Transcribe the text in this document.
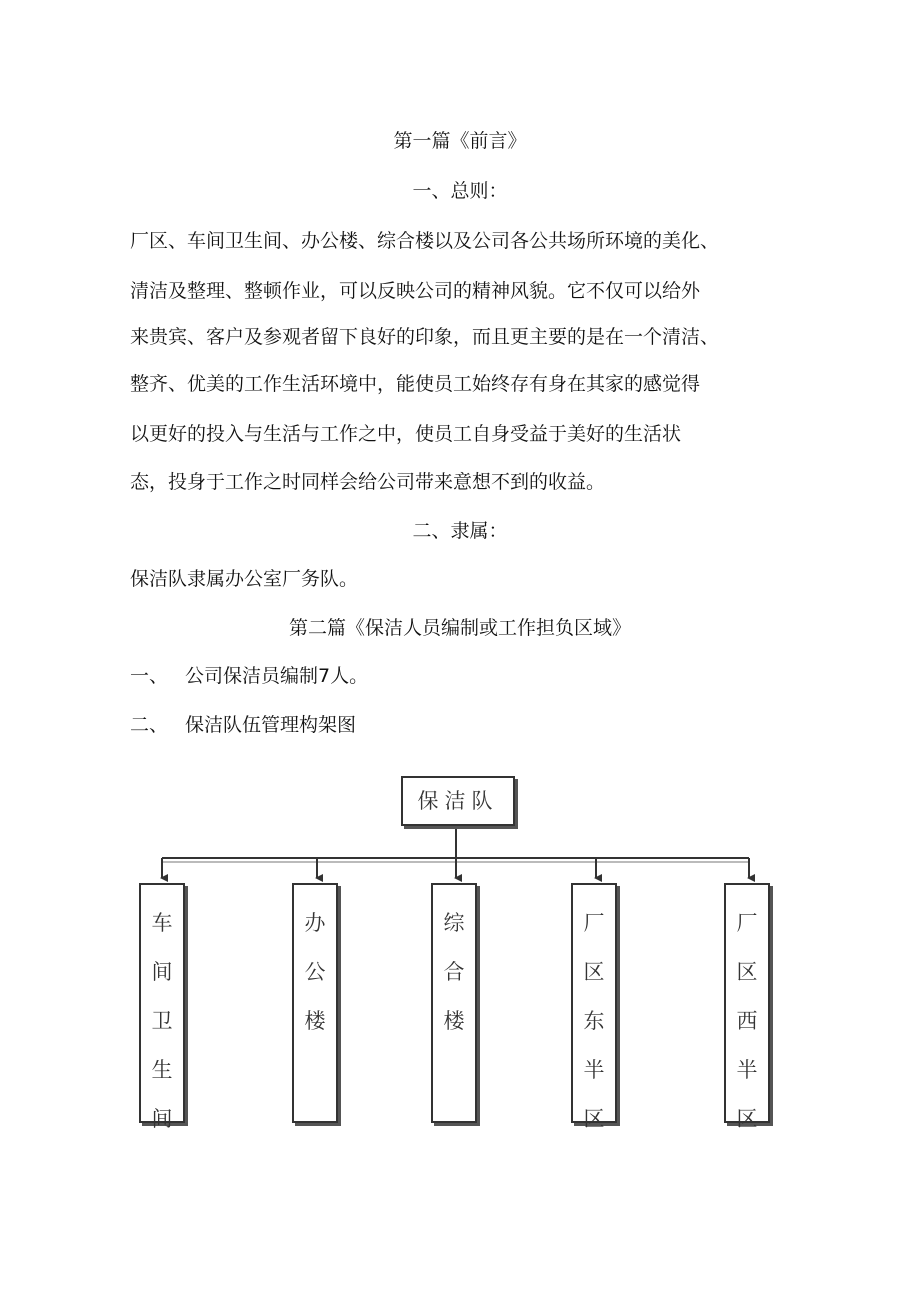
第一篇《前言》
一、总则：
厂区、车间卫生间、办公楼、综合楼以及公司各公共场所环境的美化、
清洁及整理、整顿作业，可以反映公司的精神风貌。它不仅可以给外
来贵宾、客户及参观者留下良好的印象，而且更主要的是在一个清洁、
整齐、优美的工作生活环境中，能使员工始终存有身在其家的感觉得
以更好的投入与生活与工作之中，使员工自身受益于美好的生活状
态，投身于工作之时同样会给公司带来意想不到的收益。
二、隶属：
保洁队隶属办公室厂务队。
第二篇《保洁人员编制或工作担负区域》
一、 公司保洁员编制7人。
二、 保洁队伍管理构架图
保洁队
车
间
卫
生
间
办
公
楼
综
合
楼
厂
区
东
半
区
厂
区
西
半
区
